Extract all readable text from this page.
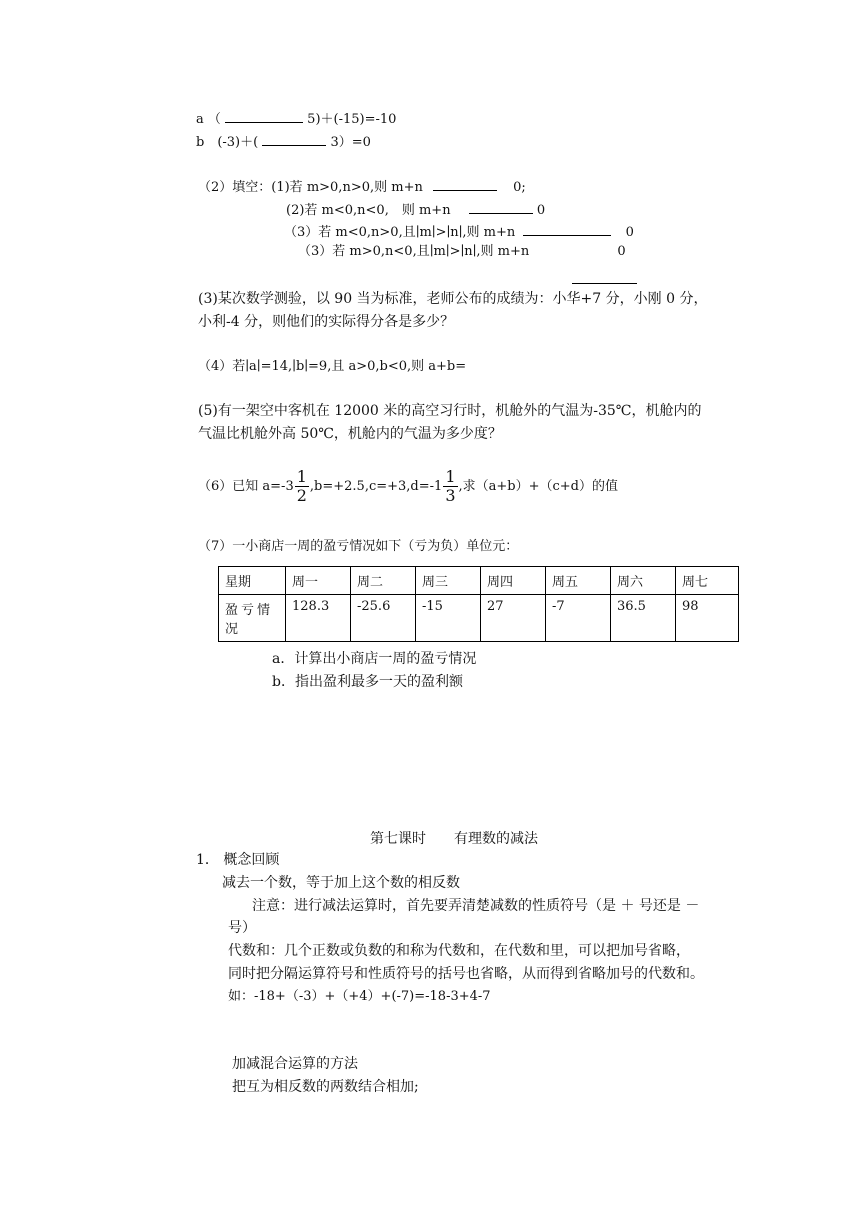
a （	5)＋(-15)=-10
b　(-3)＋(	3）=0
（2）填空：(1)若 m>0,n>0,则 m+n	0;
(2)若 m<0,n<0,　则 m+n	0
（3）若 m<0,n>0,且∣m∣>∣n∣,则 m+n	0
（3）若 m>0,n<0,且∣m∣>∣n∣,则 m+n	0
(3)某次数学测验，以 90 当为标准，老师公布的成绩为：小华+7 分，小刚 0 分，
小利-4 分，则他们的实际得分各是多少？
（4）若∣a∣=14,∣b∣=9,且 a>0,b<0,则 a+b=
(5)有一架空中客机在 12000 米的高空习行时，机舱外的气温为-35℃，机舱内的
气温比机舱外高 50℃，机舱内的气温为多少度？
（6）已知 $a=-3 \frac{1}{2} ,b=+2.5,c=+3,d=-1 \frac{1}{3}$ ,求（a+b）+（c+d）的值
（7）一小商店一周的盈亏情况如下（亏为负）单位元：
星期	周一	周二	周三	周四	周五	周六	周七
盈亏情况	128.3	-25.6	-15	27	-7	36.5	98
a．计算出小商店一周的盈亏情况
b．指出盈利最多一天的盈利额
第七课时　　有理数的减法
1． 概念回顾
减去一个数，等于加上这个数的相反数
注意：进行减法运算时，首先要弄清楚减数的性质符号（是 ＋ 号还是 －
号）
代数和：几个正数或负数的和称为代数和，在代数和里，可以把加号省略，
同时把分隔运算符号和性质符号的括号也省略，从而得到省略加号的代数和。
如：-18+（-3）+（+4）+(-7)=-18-3+4-7
加减混合运算的方法
把互为相反数的两数结合相加;
